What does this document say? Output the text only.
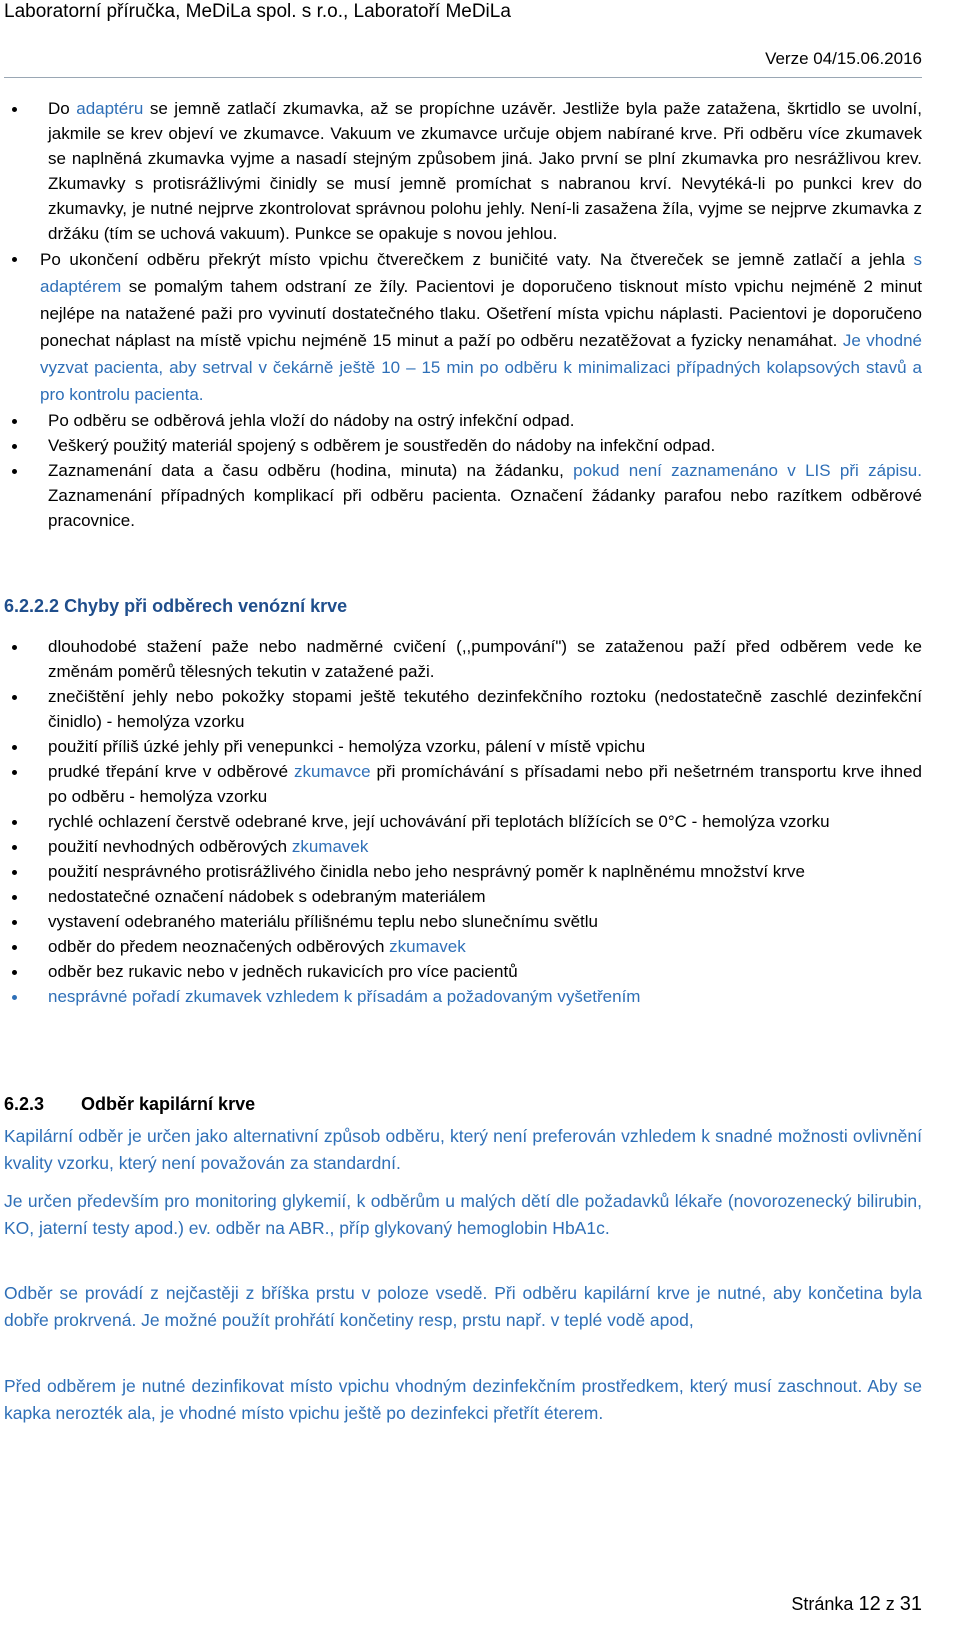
Laboratorní příručka, MeDiLa spol. s r.o., Laboratoří MeDiLa
Verze 04/15.06.2016
Do adaptéru se jemně zatlačí zkumavka, až se propíchne uzávěr. Jestliže byla paže zatažena, škrtidlo se uvolní, jakmile se krev objeví ve zkumavce. Vakuum ve zkumavce určuje objem nabírané krve. Při odběru více zkumavek se naplněná zkumavka vyjme a nasadí stejným způsobem jiná. Jako první se plní zkumavka pro nesrážlivou krev. Zkumavky s protisrážlivými činidly se musí jemně promíchat s nabranou krví. Nevytéká-li po punkci krev do zkumavky, je nutné nejprve zkontrolovat správnou polohu jehly. Není-li zasažena žíla, vyjme se nejprve zkumavka z držáku (tím se uchová vakuum). Punkce se opakuje s novou jehlou.
Po ukončení odběru překrýt místo vpichu čtverečkem z buničité vaty. Na čtvereček se jemně zatlačí a jehla s adaptérem se pomalým tahem odstraní ze žíly. Pacientovi je doporučeno tisknout místo vpichu nejméně 2 minut nejlépe na natažené paži pro vyvinutí dostatečného tlaku. Ošetření místa vpichu náplasti. Pacientovi je doporučeno ponechat náplast na místě vpichu nejméně 15 minut a paží po odběru nezatěžovat a fyzicky nenamáhat. Je vhodné vyzvat pacienta, aby setrval v čekárně ještě 10 – 15 min po odběru k minimalizaci případných kolapsových stavů a pro kontrolu pacienta.
Po odběru se odběrová jehla vloží do nádoby na ostrý infekční odpad.
Veškerý použitý materiál spojený s odběrem je soustředěn do nádoby na infekční odpad.
Zaznamenání data a času odběru (hodina, minuta) na žádanku, pokud není zaznamenáno v LIS při zápisu. Zaznamenání případných komplikací při odběru pacienta. Označení žádanky parafou nebo razítkem odběrové pracovnice.
6.2.2.2 Chyby při odběrech venózní krve
dlouhodobé stažení paže nebo nadměrné cvičení (,,pumpování") se zataženou paží před odběrem vede ke změnám poměrů tělesných tekutin v zatažené paži.
znečištění jehly nebo pokožky stopami ještě tekutého dezinfekčního roztoku (nedostatečně zaschlé dezinfekční činidlo) - hemolýza vzorku
použití příliš úzké jehly při venepunkci - hemolýza vzorku, pálení v místě vpichu
prudké třepání krve v odběrové zkumavce při promíchávání s přísadami nebo při nešetrném transportu krve ihned po odběru - hemolýza vzorku
rychlé ochlazení čerstvě odebrané krve, její uchovávání při teplotách blížících se 0°C - hemolýza vzorku
použití nevhodných odběrových zkumavek
použití nesprávného protisrážlivého činidla nebo jeho nesprávný poměr k naplněnému množství krve
nedostatečné označení nádobek s odebraným materiálem
vystavení odebraného materiálu přílišnému teplu nebo slunečnímu světlu
odběr do předem neoznačených odběrových zkumavek
odběr bez rukavic nebo v jedněch rukavicích pro více pacientů
nesprávné pořadí zkumavek vzhledem k přísadám a požadovaným vyšetřením
6.2.3 Odběr kapilární krve
Kapilární odběr je určen jako alternativní způsob odběru, který není preferován vzhledem k snadné možnosti ovlivnění kvality vzorku, který není považován za standardní.
Je určen především pro monitoring glykemií, k odběrům u malých dětí dle požadavků lékaře (novorozenecký bilirubin, KO, jaterní testy apod.) ev. odběr na ABR., příp glykovaný hemoglobin HbA1c.
Odběr se provádí z nejčastěji z bříška prstu v poloze vsedě. Při odběru kapilární krve je nutné, aby končetina byla dobře prokrvená. Je možné použít prohřátí končetiny resp, prstu např. v teplé vodě apod,
Před odběrem je nutné dezinfikovat místo vpichu vhodným dezinfekčním prostředkem, který musí zaschnout. Aby se kapka nerozték ala, je vhodné místo vpichu ještě po dezinfekci přetřít éterem.
Stránka 12 z 31
